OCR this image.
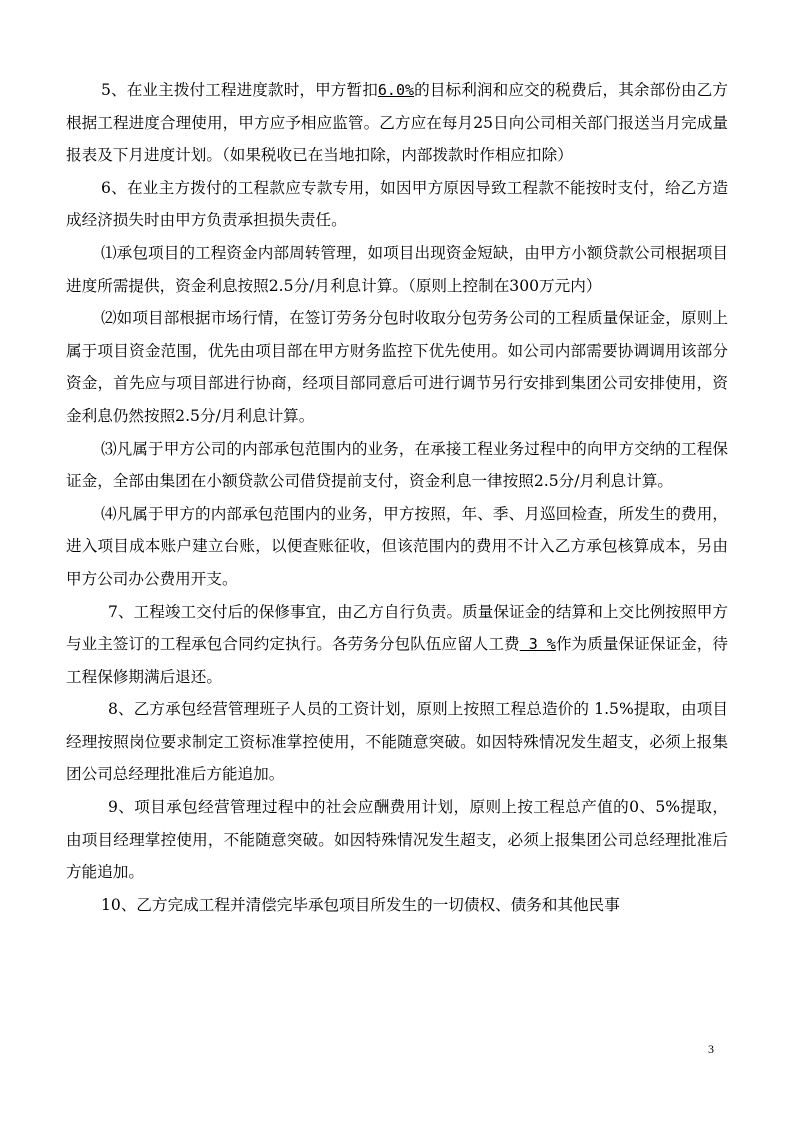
5、在业主拨付工程进度款时，甲方暂扣6.0%的目标利润和应交的税费后，其余部份由乙方根据工程进度合理使用，甲方应予相应监管。乙方应在每月25日向公司相关部门报送当月完成量报表及下月进度计划。（如果税收已在当地扣除，内部拨款时作相应扣除）

6、在业主方拨付的工程款应专款专用，如因甲方原因导致工程款不能按时支付，给乙方造成经济损失时由甲方负责承担损失责任。

⑴承包项目的工程资金内部周转管理，如项目出现资金短缺，由甲方小额贷款公司根据项目进度所需提供，资金利息按照2.5分/月利息计算。（原则上控制在300万元内）

⑵如项目部根据市场行情，在签订劳务分包时收取分包劳务公司的工程质量保证金，原则上属于项目资金范围，优先由项目部在甲方财务监控下优先使用。如公司内部需要协调调用该部分资金，首先应与项目部进行协商，经项目部同意后可进行调节另行安排到集团公司安排使用，资金利息仍然按照2.5分/月利息计算。

⑶凡属于甲方公司的内部承包范围内的业务，在承接工程业务过程中的向甲方交纳的工程保证金，全部由集团在小额贷款公司借贷提前支付，资金利息一律按照2.5分/月利息计算。

⑷凡属于甲方的内部承包范围内的业务，甲方按照，年、季、月巡回检查，所发生的费用，进入项目成本账户建立台账，以便查账征收，但该范围内的费用不计入乙方承包核算成本，另由甲方公司办公费用开支。

7、工程竣工交付后的保修事宜，由乙方自行负责。质量保证金的结算和上交比例按照甲方与业主签订的工程承包合同约定执行。各劳务分包队伍应留人工费 3 %作为质量保证保证金，待工程保修期满后退还。

8、乙方承包经营管理班子人员的工资计划，原则上按照工程总造价的 1.5%提取，由项目经理按照岗位要求制定工资标准掌控使用，不能随意突破。如因特殊情况发生超支，必须上报集团公司总经理批准后方能追加。

9、项目承包经营管理过程中的社会应酬费用计划，原则上按工程总产值的0、5%提取，由项目经理掌控使用，不能随意突破。如因特殊情况发生超支，必须上报集团公司总经理批准后方能追加。

10、乙方完成工程并清偿完毕承包项目所发生的一切债权、债务和其他民事

3
